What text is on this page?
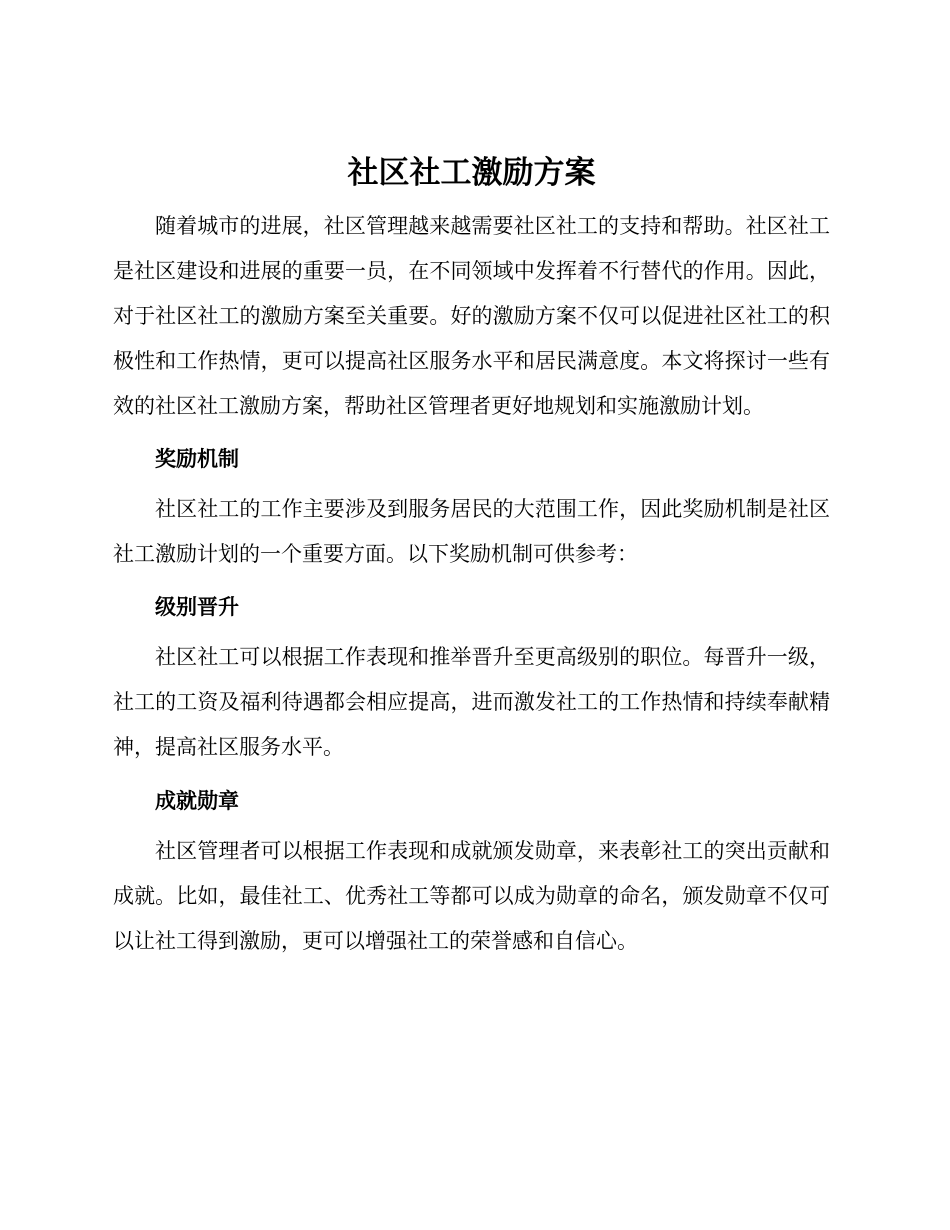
社区社工激励方案

随着城市的进展，社区管理越来越需要社区社工的支持和帮助。社区社工是社区建设和进展的重要一员，在不同领域中发挥着不行替代的作用。因此，对于社区社工的激励方案至关重要。好的激励方案不仅可以促进社区社工的积极性和工作热情，更可以提高社区服务水平和居民满意度。本文将探讨一些有效的社区社工激励方案，帮助社区管理者更好地规划和实施激励计划。

奖励机制

社区社工的工作主要涉及到服务居民的大范围工作，因此奖励机制是社区社工激励计划的一个重要方面。以下奖励机制可供参考：

级别晋升

社区社工可以根据工作表现和推举晋升至更高级别的职位。每晋升一级，社工的工资及福利待遇都会相应提高，进而激发社工的工作热情和持续奉献精神，提高社区服务水平。

成就勋章

社区管理者可以根据工作表现和成就颁发勋章，来表彰社工的突出贡献和成就。比如，最佳社工、优秀社工等都可以成为勋章的命名，颁发勋章不仅可以让社工得到激励，更可以增强社工的荣誉感和自信心。
